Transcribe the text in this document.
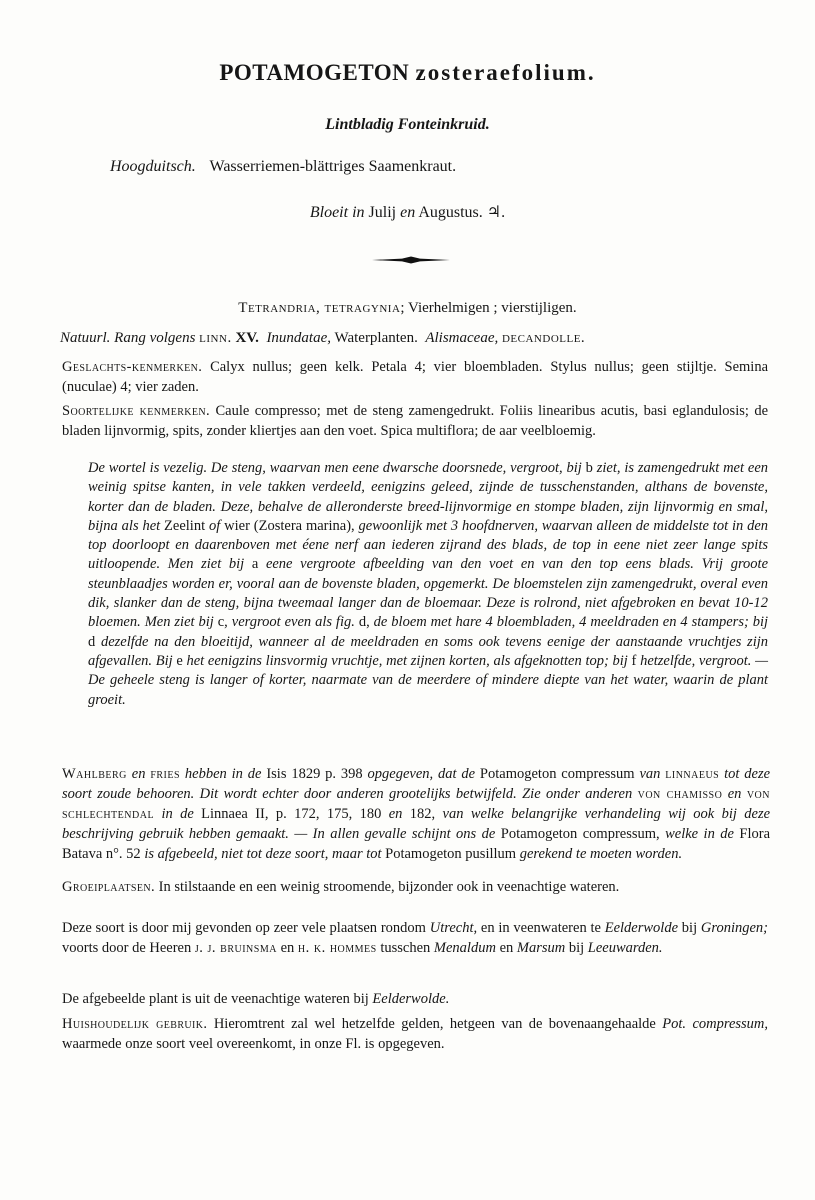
POTAMOGETON zosteraefolium.
Lintbladig Fonteinkruid.
Hoogduitsch. Wasserriemen-blättriges Saamenkraut.
Bloeit in Julij en Augustus. ♃.
Tetrandria, tetragynia; Vierhelmigen ; vierstijligen.
Natuurl. Rang volgens linn. XV. Inundatae, Waterplanten. Alismaceae, decandolle.
Geslachts-kenmerken. Calyx nullus; geen kelk. Petala 4; vier bloembladen. Stylus nullus; geen stijltje. Semina (nuculae) 4; vier zaden.
Soortelijke kenmerken. Caule compresso; met de steng zamengedrukt. Foliis linearibus acutis, basi eglandulosis; de bladen lijnvormig, spits, zonder kliertjes aan den voet. Spica multiflora; de aar veelbloemig.
De wortel is vezelig. De steng, waarvan men eene dwarsche doorsnede, vergroot, bij b ziet, is zamengedrukt met een weinig spitse kanten, in vele takken verdeeld, eenigzins geleed, zijnde de tusschenstanden, althans de bovenste, korter dan de bladen. Deze, behalve de alleronderste breed-lijnvormige en stompe bladen, zijn lijnvormig en smal, bijna als het Zeelint of wier (Zostera marina), gewoonlijk met 3 hoofdnerven, waarvan alleen de middelste tot in den top doorloopt en daarenboven met éene nerf aan iederen zijrand des blads, de top in eene niet zeer lange spits uitloopende. Men ziet bij a eene vergroote afbeelding van den voet en van den top eens blads. Vrij groote steunblaadjes worden er, vooral aan de bovenste bladen, opgemerkt. De bloemstelen zijn zamengedrukt, overal even dik, slanker dan de steng, bijna tweemaal langer dan de bloemaar. Deze is rolrond, niet afgebroken en bevat 10-12 bloemen. Men ziet bij c, vergroot even als fig. d, de bloem met hare 4 bloembladen, 4 meeldraden en 4 stampers; bij d dezelfde na den bloeitijd, wanneer al de meeldraden en soms ook tevens eenige der aanstaande vruchtjes zijn afgevallen. Bij e het eenigzins linsvormig vruchtje, met zijnen korten, als afgeknotten top; bij f hetzelfde, vergroot. — De geheele steng is langer of korter, naarmate van de meerdere of mindere diepte van het water, waarin de plant groeit.
Wahlberg en fries hebben in de Isis 1829 p. 398 opgegeven, dat de Potamogeton compressum van linnaeus tot deze soort zoude behooren. Dit wordt echter door anderen grootelijks betwijfeld. Zie onder anderen von chamisso en von schlechtendal in de Linnaea II, p. 172, 175, 180 en 182, van welke belangrijke verhandeling wij ook bij deze beschrijving gebruik hebben gemaakt. — In allen gevalle schijnt ons de Potamogeton compressum, welke in de Flora Batava n°. 52 is afgebeeld, niet tot deze soort, maar tot Potamogeton pusillum gerekend te moeten worden.
Groeiplaatsen. In stilstaande en een weinig stroomende, bijzonder ook in veenachtige wateren.
Deze soort is door mij gevonden op zeer vele plaatsen rondom Utrecht, en in veenwateren te Eelderwolde bij Groningen; voorts door de Heeren j. j. bruinsma en h. k. hommes tusschen Menaldum en Marsum bij Leeuwarden.
De afgebeelde plant is uit de veenachtige wateren bij Eelderwolde.
Huishoudelijk gebruik. Hieromtrent zal wel hetzelfde gelden, hetgeen van de bovenaangehaalde Pot. compressum, waarmede onze soort veel overeenkomt, in onze Fl. is opgegeven.
